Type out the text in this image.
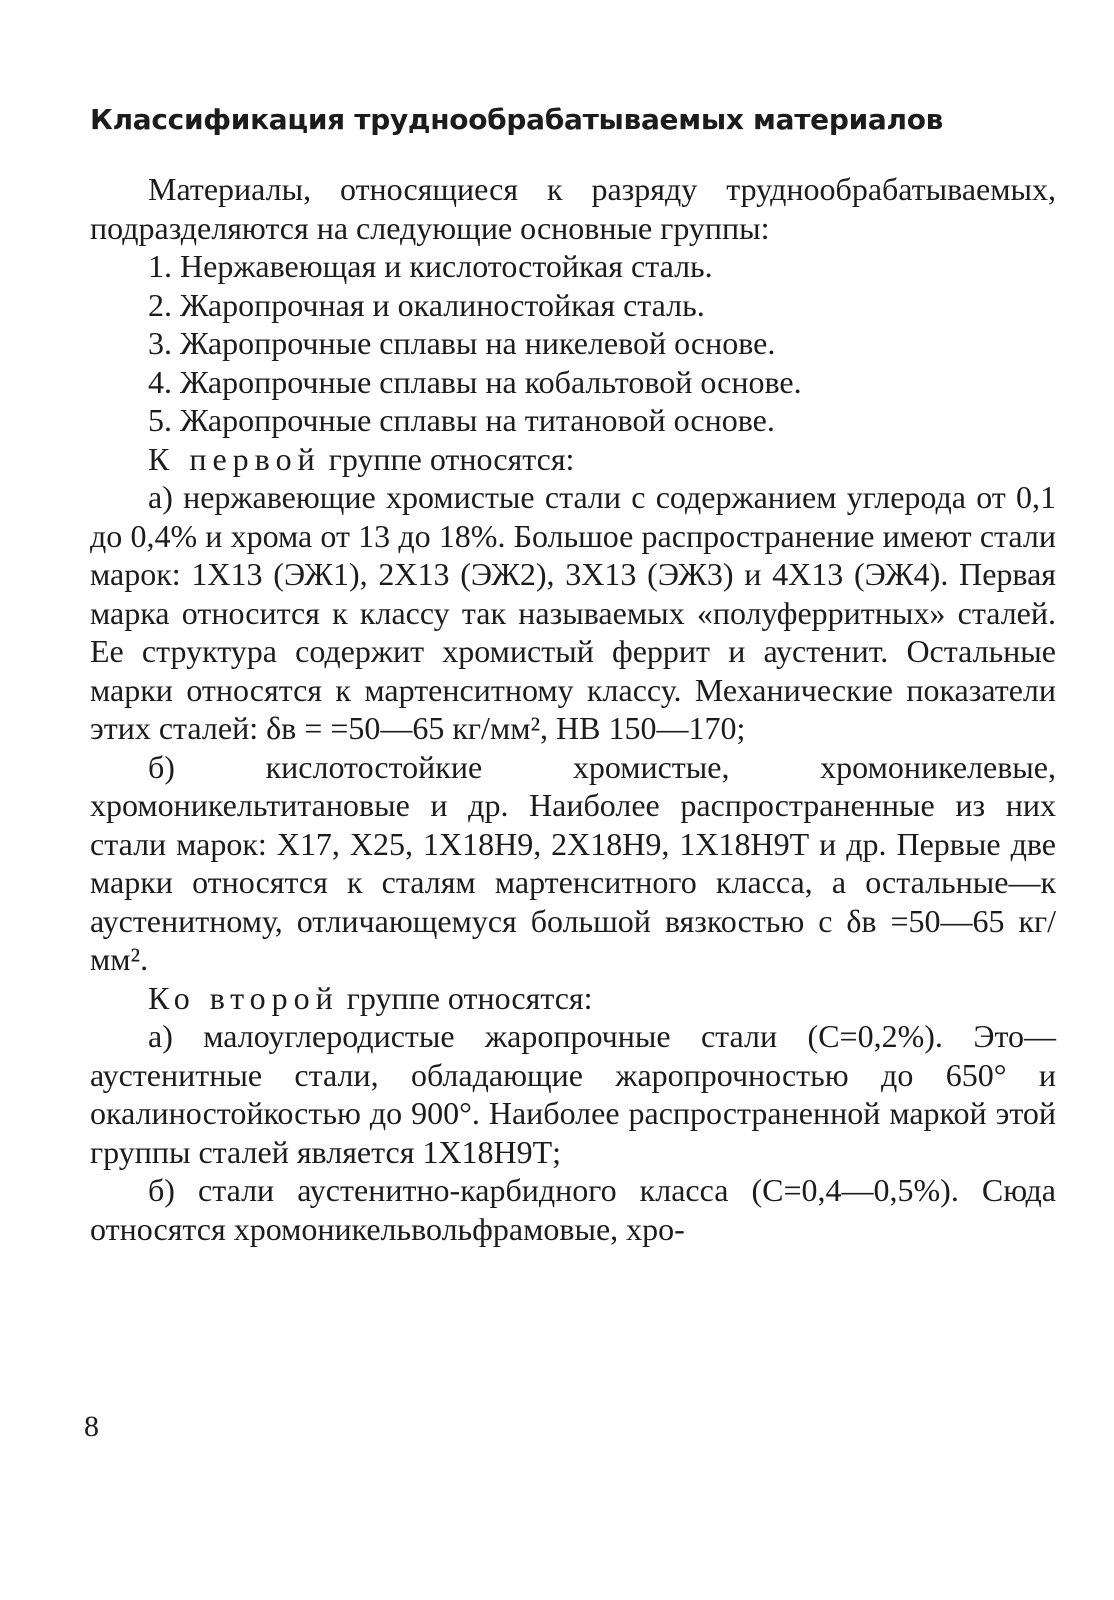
Классификация труднообрабатываемых материалов

Материалы, относящиеся к разряду труднообрабатываемых, подразделяются на следующие основные группы:

1. Нержавеющая и кислотостойкая сталь.

2. Жаропрочная и окалиностойкая сталь.

3. Жаропрочные сплавы на никелевой основе.

4. Жаропрочные сплавы на кобальтовой основе.

5. Жаропрочные сплавы на титановой основе.

К первой группе относятся:

а) нержавеющие хромистые стали с содержанием углерода от 0,1 до 0,4% и хрома от 13 до 18%. Большое распространение имеют стали марок: 1Х13 (ЭЖ1), 2Х13 (ЭЖ2), 3Х13 (ЭЖ3) и 4Х13 (ЭЖ4). Первая марка относится к классу так называемых «полуферритных» сталей. Ее структура содержит хромистый феррит и аустенит. Остальные марки относятся к мартенситному классу. Механические показатели этих сталей: δв = =50—65 кг/мм², НВ 150—170;

б) кислотостойкие хромистые, хромоникелевые, хромоникельтитановые и др. Наиболее распространенные из них стали марок: Х17, Х25, 1Х18Н9, 2Х18Н9, 1Х18Н9Т и др. Первые две марки относятся к сталям мартенситного класса, а остальные—к аустенитному, отличающемуся большой вязкостью с δв =50—65 кг/мм².

Ко второй группе относятся:

а) малоуглеродистые жаропрочные стали (С=0,2%). Это—аустенитные стали, обладающие жаропрочностью до 650° и окалиностойкостью до 900°. Наиболее распространенной маркой этой группы сталей является 1Х18Н9Т;

б) стали аустенитно-карбидного класса (С=0,4—0,5%). Сюда относятся хромоникельвольфрамовые, хро-

8
